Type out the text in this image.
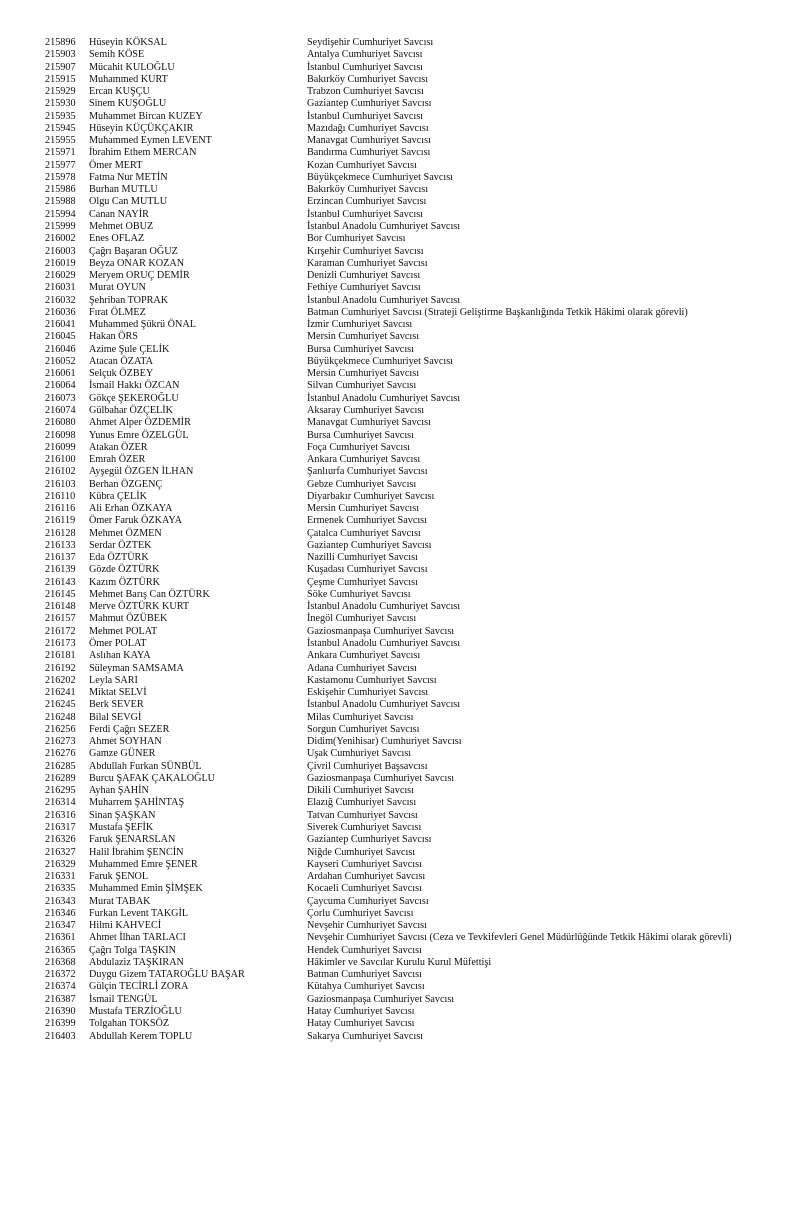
215896 Hüseyin KÖKSAL	Seydişehir Cumhuriyet Savcısı
215903 Semih KÖSE	Antalya Cumhuriyet Savcısı
215907 Mücahit KULOĞLU	İstanbul Cumhuriyet Savcısı
215915 Muhammed KURT	Bakırköy Cumhuriyet Savcısı
215929 Ercan KUŞÇU	Trabzon Cumhuriyet Savcısı
215930 Sinem KUŞOĞLU	Gaziantep Cumhuriyet Savcısı
215935 Muhammet Bircan KUZEY	İstanbul Cumhuriyet Savcısı
215945 Hüseyin KÜÇÜKÇAKIR	Mazıdağı Cumhuriyet Savcısı
215955 Muhammed Eymen LEVENT	Manavgat Cumhuriyet Savcısı
215971 İbrahim Ethem MERCAN	Bandırma Cumhuriyet Savcısı
215977 Ömer MERT	Kozan Cumhuriyet Savcısı
215978 Fatma Nur METİN	Büyükçekmece Cumhuriyet Savcısı
215986 Burhan MUTLU	Bakırköy Cumhuriyet Savcısı
215988 Olgu Can MUTLU	Erzincan Cumhuriyet Savcısı
215994 Canan NAYİR	İstanbul Cumhuriyet Savcısı
215999 Mehmet OBUZ	İstanbul Anadolu Cumhuriyet Savcısı
216002 Enes OFLAZ	Bor Cumhuriyet Savcısı
216003 Çağrı Başaran OĞUZ	Kırşehir Cumhuriyet Savcısı
216019 Beyza ONAR KOZAN	Karaman Cumhuriyet Savcısı
216029 Meryem ORUÇ DEMİR	Denizli Cumhuriyet Savcısı
216031 Murat OYUN	Fethiye Cumhuriyet Savcısı
216032 Şehriban TOPRAK	İstanbul Anadolu Cumhuriyet Savcısı
216036 Fırat ÖLMEZ	Batman Cumhuriyet Savcısı (Strateji Geliştirme Başkanlığında Tetkik Hâkimi olarak görevli)
216041 Muhammed Şükrü ÖNAL	İzmir Cumhuriyet Savcısı
216045 Hakan ÖRS	Mersin Cumhuriyet Savcısı
216046 Azime Şule ÇELİK	Bursa Cumhuriyet Savcısı
216052 Atacan ÖZATA	Büyükçekmece Cumhuriyet Savcısı
216061 Selçuk ÖZBEY	Mersin Cumhuriyet Savcısı
216064 İsmail Hakkı ÖZCAN	Silvan Cumhuriyet Savcısı
216073 Gökçe ŞEKEROĞLU	İstanbul Anadolu Cumhuriyet Savcısı
216074 Gülbahar ÖZÇELİK	Aksaray Cumhuriyet Savcısı
216080 Ahmet Alper ÖZDEMİR	Manavgat Cumhuriyet Savcısı
216098 Yunus Emre ÖZELGÜL	Bursa Cumhuriyet Savcısı
216099 Atakan ÖZER	Foça Cumhuriyet Savcısı
216100 Emrah ÖZER	Ankara Cumhuriyet Savcısı
216102 Ayşegül ÖZGEN İLHAN	Şanlıurfa Cumhuriyet Savcısı
216103 Berhan ÖZGENÇ	Gebze Cumhuriyet Savcısı
216110 Kübra ÇELİK	Diyarbakır Cumhuriyet Savcısı
216116 Ali Erhan ÖZKAYA	Mersin Cumhuriyet Savcısı
216119 Ömer Faruk ÖZKAYA	Ermenek Cumhuriyet Savcısı
216128 Mehmet ÖZMEN	Çatalca Cumhuriyet Savcısı
216133 Serdar ÖZTEK	Gaziantep Cumhuriyet Savcısı
216137 Eda ÖZTÜRK	Nazilli Cumhuriyet Savcısı
216139 Gözde ÖZTÜRK	Kuşadası Cumhuriyet Savcısı
216143 Kazım ÖZTÜRK	Çeşme Cumhuriyet Savcısı
216145 Mehmet Barış Can ÖZTÜRK	Söke Cumhuriyet Savcısı
216148 Merve ÖZTÜRK KURT	İstanbul Anadolu Cumhuriyet Savcısı
216157 Mahmut ÖZÜBEK	İnegöl Cumhuriyet Savcısı
216172 Mehmet POLAT	Gaziosmanpaşa Cumhuriyet Savcısı
216173 Ömer POLAT	İstanbul Anadolu Cumhuriyet Savcısı
216181 Aslıhan KAYA	Ankara Cumhuriyet Savcısı
216192 Süleyman SAMSAMA	Adana Cumhuriyet Savcısı
216202 Leyla SARI	Kastamonu Cumhuriyet Savcısı
216241 Miktat SELVİ	Eskişehir Cumhuriyet Savcısı
216245 Berk SEVER	İstanbul Anadolu Cumhuriyet Savcısı
216248 Bilal SEVGİ	Milas Cumhuriyet Savcısı
216256 Ferdi Çağrı SEZER	Sorgun Cumhuriyet Savcısı
216273 Ahmet SOYHAN	Didim(Yenihisar) Cumhuriyet Savcısı
216276 Gamze GÜNER	Uşak Cumhuriyet Savcısı
216285 Abdullah Furkan SÜNBÜL	Çivril Cumhuriyet Başsavcısı
216289 Burcu ŞAFAK ÇAKALOĞLU	Gaziosmanpaşa Cumhuriyet Savcısı
216295 Ayhan ŞAHİN	Dikili Cumhuriyet Savcısı
216314 Muharrem ŞAHİNTAŞ	Elazığ Cumhuriyet Savcısı
216316 Sinan ŞAŞKAN	Tatvan Cumhuriyet Savcısı
216317 Mustafa ŞEFİK	Siverek Cumhuriyet Savcısı
216326 Faruk ŞENARSLAN	Gaziantep Cumhuriyet Savcısı
216327 Halil İbrahim ŞENCİN	Niğde Cumhuriyet Savcısı
216329 Muhammed Emre ŞENER	Kayseri Cumhuriyet Savcısı
216331 Faruk ŞENOL	Ardahan Cumhuriyet Savcısı
216335 Muhammed Emin ŞİMŞEK	Kocaeli Cumhuriyet Savcısı
216343 Murat TABAK	Çaycuma Cumhuriyet Savcısı
216346 Furkan Levent TAKGİL	Çorlu Cumhuriyet Savcısı
216347 Hilmi KAHVECİ	Nevşehir Cumhuriyet Savcısı
216361 Ahmet İlhan TARLACI	Nevşehir Cumhuriyet Savcısı (Ceza ve Tevkifevleri Genel Müdürlüğünde Tetkik Hâkimi olarak görevli)
216365 Çağrı Tolga TAŞKIN	Hendek Cumhuriyet Savcısı
216368 Abdulaziz TAŞKIRAN	Hâkimler ve Savcılar Kurulu Kurul Müfettişi
216372 Duygu Gizem TATAROĞLU BAŞAR	Batman Cumhuriyet Savcısı
216374 Gülçin TECİRLİ ZORA	Kütahya Cumhuriyet Savcısı
216387 İsmail TENGÜL	Gaziosmanpaşa Cumhuriyet Savcısı
216390 Mustafa TERZİOĞLU	Hatay Cumhuriyet Savcısı
216399 Tolgahan TOKSÖZ	Hatay Cumhuriyet Savcısı
216403 Abdullah Kerem TOPLU	Sakarya Cumhuriyet Savcısı
